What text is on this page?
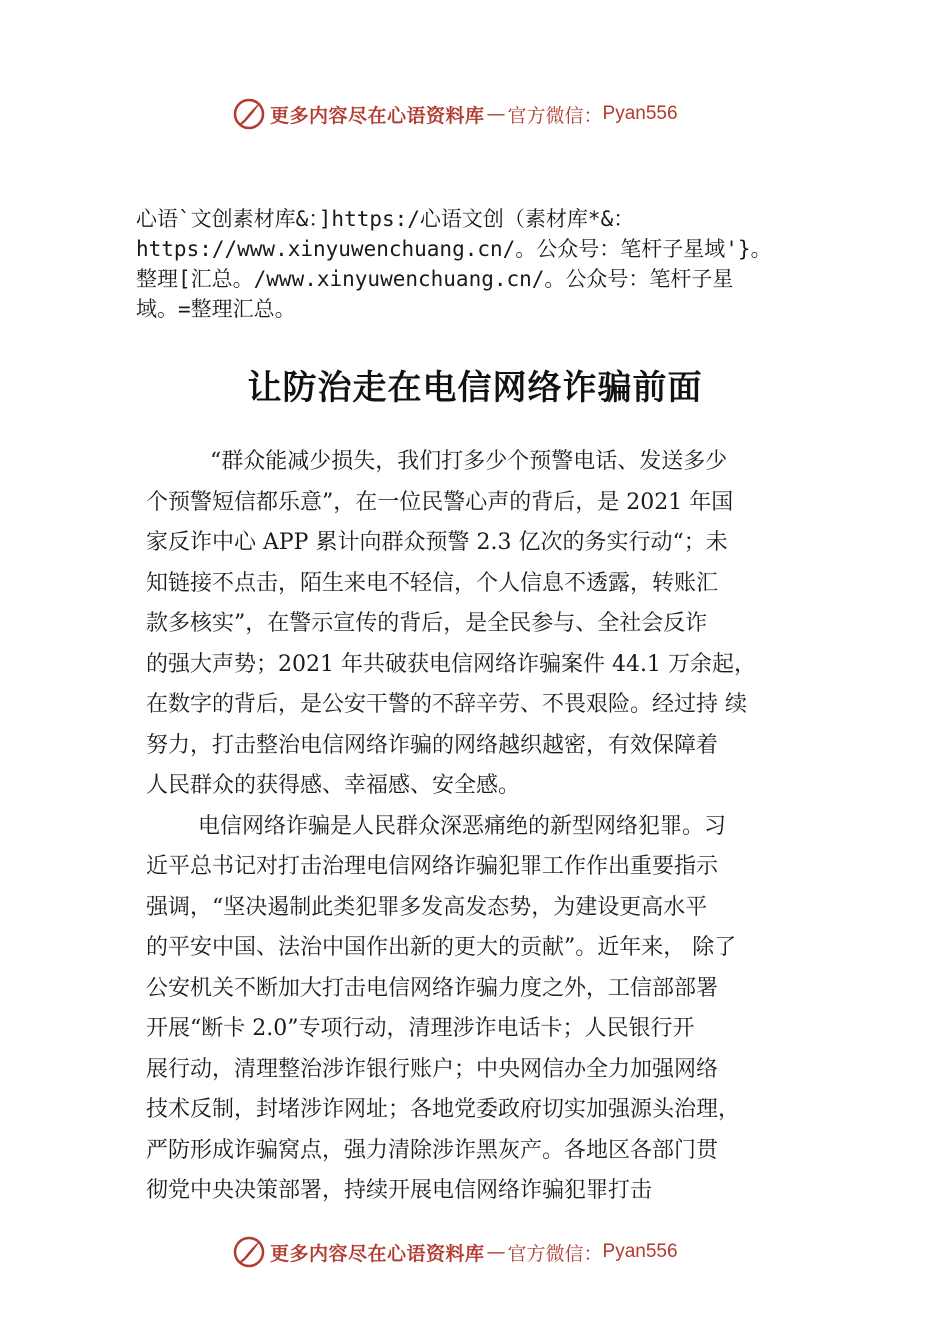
更多内容尽在心语资料库 — 官方微信： Pyan556
心语`文创素材库&：]https:/心语文创（素材库*&：
https://www.xinyuwenchuang.cn/。公众号：笔杆子星域'}。
整理[汇总。/www.xinyuwenchuang.cn/。公众号：笔杆子星
域。=整理汇总。
让防治走在电信网络诈骗前面
“群众能减少损失，我们打多少个预警电话、发送多少
个预警短信都乐意”，在一位民警心声的背后，是 2021 年国
家反诈中心 APP 累计向群众预警 2.3 亿次的务实行动“；未
知链接不点击，陌生来电不轻信，个人信息不透露，转账汇
款多核实”，在警示宣传的背后，是全民参与、全社会反诈
的强大声势；2021 年共破获电信网络诈骗案件 44.1 万余起，
在数字的背后，是公安干警的不辞辛劳、不畏艰险。经过持 续
努力，打击整治电信网络诈骗的网络越织越密，有效保障着
人民群众的获得感、幸福感、安全感。
电信网络诈骗是人民群众深恶痛绝的新型网络犯罪。习
近平总书记对打击治理电信网络诈骗犯罪工作作出重要指示
强调，“坚决遏制此类犯罪多发高发态势，为建设更高水平
的平安中国、法治中国作出新的更大的贡献”。近年来， 除了
公安机关不断加大打击电信网络诈骗力度之外，工信部部署
开展“断卡 2.0”专项行动，清理涉诈电话卡；人民银行开
展行动，清理整治涉诈银行账户；中央网信办全力加强网络
技术反制，封堵涉诈网址；各地党委政府切实加强源头治理，
严防形成诈骗窝点，强力清除涉诈黑灰产。各地区各部门贯
彻党中央决策部署，持续开展电信网络诈骗犯罪打击
更多内容尽在心语资料库 — 官方微信： Pyan556
